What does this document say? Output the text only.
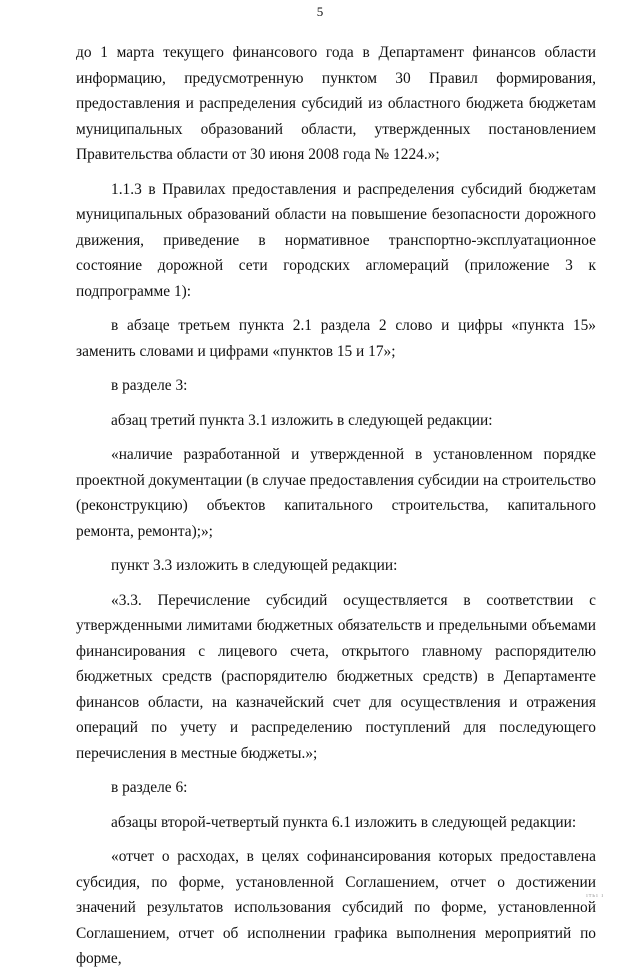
5

до 1 марта текущего финансового года в Департамент финансов области информацию, предусмотренную пунктом 30 Правил формирования, предоставления и распределения субсидий из областного бюджета бюджетам муниципальных образований области, утвержденных постановлением Правительства области от 30 июня 2008 года № 1224.»;

1.1.3 в Правилах предоставления и распределения субсидий бюджетам муниципальных образований области на повышение безопасности дорожного движения, приведение в нормативное транспортно-эксплуатационное состояние дорожной сети городских агломераций (приложение 3 к подпрограмме 1):

в абзаце третьем пункта 2.1 раздела 2 слово и цифры «пункта 15» заменить словами и цифрами «пунктов 15 и 17»;

в разделе 3:

абзац третий пункта 3.1 изложить в следующей редакции:

«наличие разработанной и утвержденной в установленном порядке проектной документации (в случае предоставления субсидии на строительство (реконструкцию) объектов капитального строительства, капитального ремонта, ремонта);»;

пункт 3.3 изложить в следующей редакции:

«3.3. Перечисление субсидий осуществляется в соответствии с утвержденными лимитами бюджетных обязательств и предельными объемами финансирования с лицевого счета, открытого главному распорядителю бюджетных средств (распорядителю бюджетных средств) в Департаменте финансов области, на казначейский счет для осуществления и отражения операций по учету и распределению поступлений для последующего перечисления в местные бюджеты.»;

в разделе 6:

абзацы второй-четвертый пункта 6.1 изложить в следующей редакции:

«отчет о расходах, в целях софинансирования которых предоставлена субсидия, по форме, установленной Соглашением, отчет о достижении значений результатов использования субсидий по форме, установленной Соглашением, отчет об исполнении графика выполнения мероприятий по форме,

ıтьı ı
